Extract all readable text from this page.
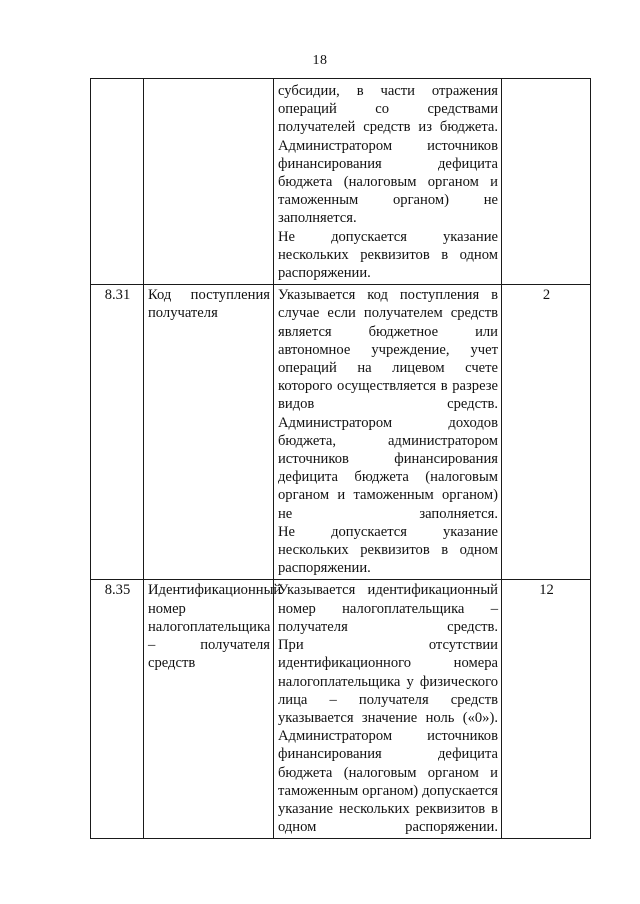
18

		субсидии, в части отражения операций со средствами получателей средств из бюджета.

Администратором источников финансирования дефицита бюджета (налоговым органом и таможенным органом) не заполняется.

Не допускается указание нескольких реквизитов в одном распоряжении.	

8.31	Код поступления получателя	Указывается код поступления в случае если получателем средств является бюджетное или автономное учреждение, учет операций на лицевом счете которого осуществляется в разрезе видов средств.

Администратором доходов бюджета, администратором источников финансирования дефицита бюджета (налоговым органом и таможенным органом) не заполняется.

Не допускается указание нескольких реквизитов в одном распоряжении.	2
8.35	Идентификационный номер налогоплательщика – получателя средств	Указывается идентификационный номер налогоплательщика – получателя средств.

При отсутствии идентификационного номера налогоплательщика у физического лица – получателя средств указывается значение ноль («0»).

Администратором источников финансирования дефицита бюджета (налоговым органом и таможенным органом) допускается указание нескольких реквизитов в одном распоряжении.	12
